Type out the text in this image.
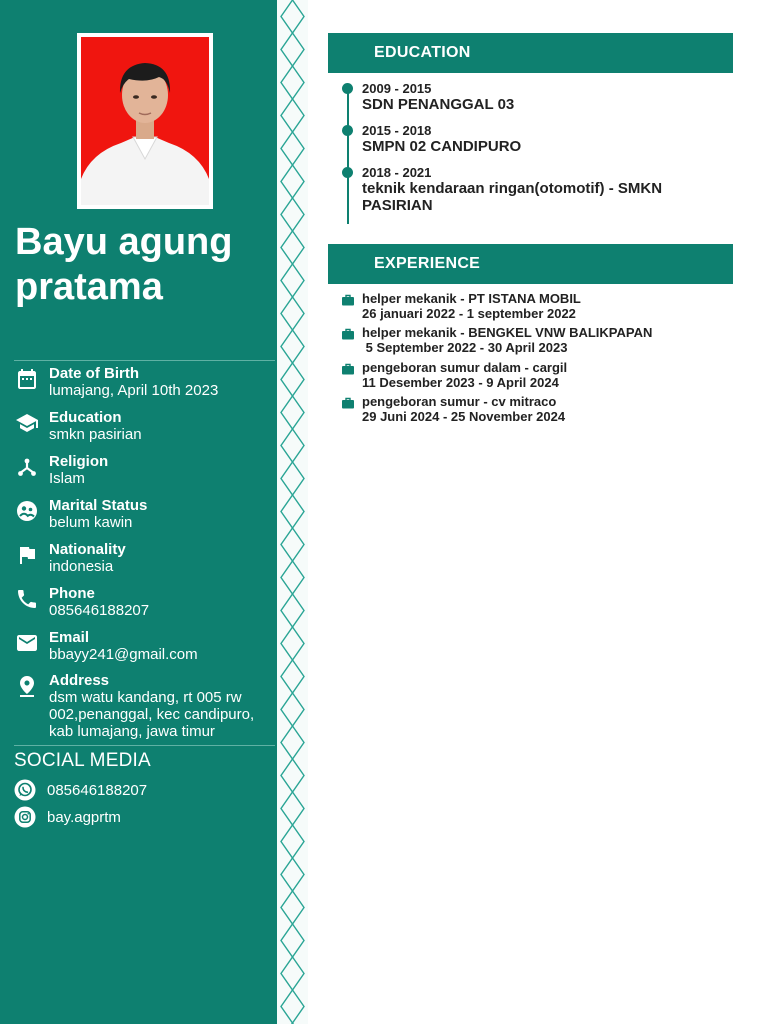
Bayu agung pratama
Date of Birth
lumajang, April 10th 2023
Education
smkn pasirian
Religion
Islam
Marital Status
belum kawin
Nationality
indonesia
Phone
085646188207
Email
bbayy241@gmail.com
Address
dsm watu kandang, rt 005 rw 002,penanggal, kec candipuro, kab lumajang, jawa timur
SOCIAL MEDIA
085646188207
bay.agprtm
EDUCATION
2009 - 2015
SDN PENANGGAL 03
2015 - 2018
SMPN 02 CANDIPURO
2018 - 2021
teknik kendaraan ringan(otomotif) - SMKN PASIRIAN
EXPERIENCE
helper mekanik - PT ISTANA MOBIL
26 januari 2022 - 1 september 2022
helper mekanik - BENGKEL VNW BALIKPAPAN
5 September 2022 - 30 April 2023
pengeboran sumur dalam - cargil
11 Desember 2023 - 9 April 2024
pengeboran sumur - cv mitraco
29 Juni 2024 - 25 November 2024
